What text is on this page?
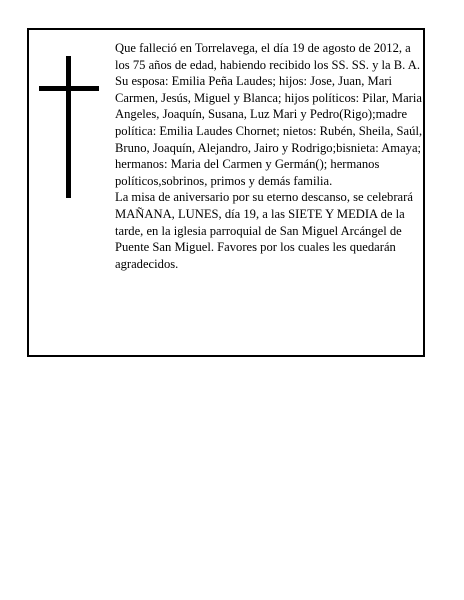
Que falleció en Torrelavega, el día 19 de agosto de 2012, a los 75 años de edad, habiendo recibido los SS. SS. y la B. A.

Su esposa: Emilia Peña Laudes; hijos: Jose, Juan, Mari Carmen, Jesús, Miguel y Blanca; hijos políticos: Pilar, Maria Angeles, Joaquín, Susana, Luz Mari y Pedro(Rigo);madre política: Emilia Laudes Chornet; nietos: Rubén, Sheila, Saúl, Bruno, Joaquín, Alejandro, Jairo y Rodrigo;bisnieta: Amaya; hermanos: Maria del Carmen y Germán(); hermanos políticos,sobrinos, primos y demás familia.

La misa de aniversario por su eterno descanso, se celebrará MAÑANA, LUNES, día 19, a las SIETE Y MEDIA de la tarde, en la iglesia parroquial de San Miguel Arcángel de Puente San Miguel. Favores por los cuales les quedarán agradecidos.
